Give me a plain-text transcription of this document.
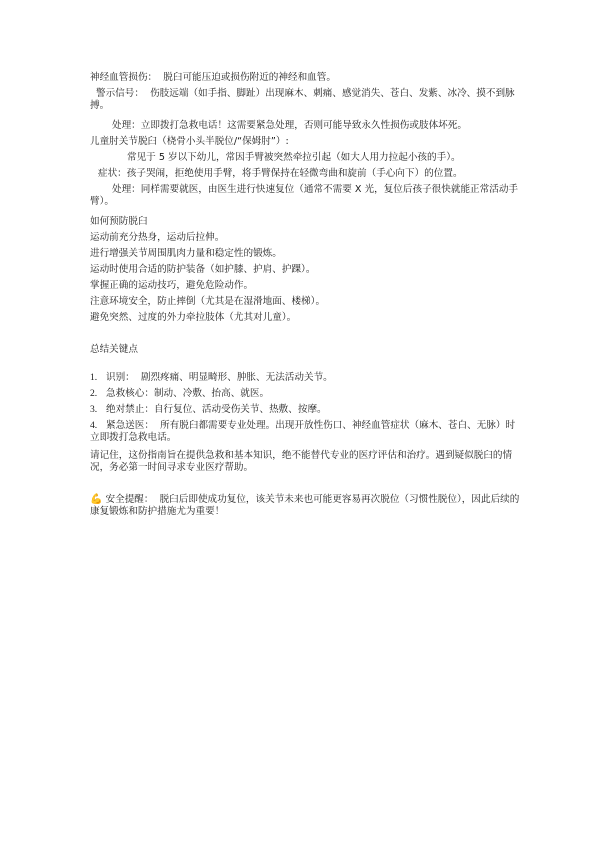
神经血管损伤： 脱臼可能压迫或损伤附近的神经和血管。
警示信号： 伤肢远端（如手指、脚趾）出现麻木、刺痛、感觉消失、苍白、发紫、冰冷、摸不到脉搏。
处理：立即拨打急救电话！这需要紧急处理，否则可能导致永久性损伤或肢体坏死。
儿童肘关节脱臼（桡骨小头半脱位/“保姆肘”）:
常见于 5 岁以下幼儿，常因手臂被突然牵拉引起（如大人用力拉起小孩的手）。
症状：孩子哭闹，拒绝使用手臂，将手臂保持在轻微弯曲和旋前（手心向下）的位置。
处理：同样需要就医，由医生进行快速复位（通常不需要 X 光，复位后孩子很快就能正常活动手臂）。
如何预防脱臼
运动前充分热身，运动后拉伸。
进行增强关节周围肌肉力量和稳定性的锻炼。
运动时使用合适的防护装备（如护膝、护肩、护踝）。
掌握正确的运动技巧，避免危险动作。
注意环境安全，防止摔倒（尤其是在湿滑地面、楼梯）。
避免突然、过度的外力牵拉肢体（尤其对儿童）。
总结关键点
1. 识别： 剧烈疼痛、明显畸形、肿胀、无法活动关节。
2. 急救核心：制动、冷敷、抬高、就医。
3. 绝对禁止：自行复位、活动受伤关节、热敷、按摩。
4. 紧急送医： 所有脱臼都需要专业处理。出现开放性伤口、神经血管症状（麻木、苍白、无脉）时立即拨打急救电话。
请记住，这份指南旨在提供急救和基本知识，绝不能替代专业的医疗评估和治疗。遇到疑似脱臼的情况，务必第一时间寻求专业医疗帮助。
💪 安全提醒： 脱臼后即使成功复位，该关节未来也可能更容易再次脱位（习惯性脱位），因此后续的康复锻炼和防护措施尤为重要！
